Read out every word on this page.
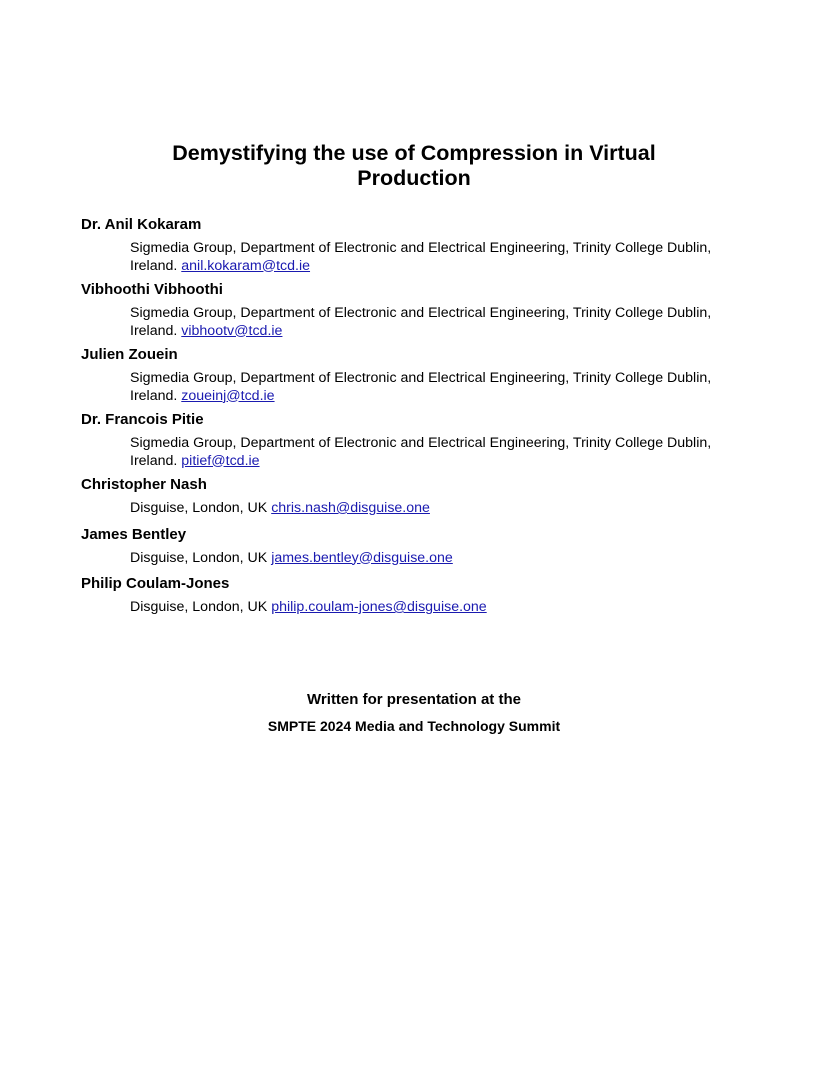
Demystifying the use of Compression in Virtual
Production
Dr. Anil Kokaram
Sigmedia Group, Department of Electronic and Electrical Engineering, Trinity College Dublin, Ireland. anil.kokaram@tcd.ie
Vibhoothi Vibhoothi
Sigmedia Group, Department of Electronic and Electrical Engineering, Trinity College Dublin, Ireland. vibhootv@tcd.ie
Julien Zouein
Sigmedia Group, Department of Electronic and Electrical Engineering, Trinity College Dublin, Ireland. zoueinj@tcd.ie
Dr. Francois Pitie
Sigmedia Group, Department of Electronic and Electrical Engineering, Trinity College Dublin, Ireland. pitief@tcd.ie
Christopher Nash
Disguise, London, UK chris.nash@disguise.one
James Bentley
Disguise, London, UK james.bentley@disguise.one
Philip Coulam-Jones
Disguise, London, UK philip.coulam-jones@disguise.one
Written for presentation at the
SMPTE 2024 Media and Technology Summit
